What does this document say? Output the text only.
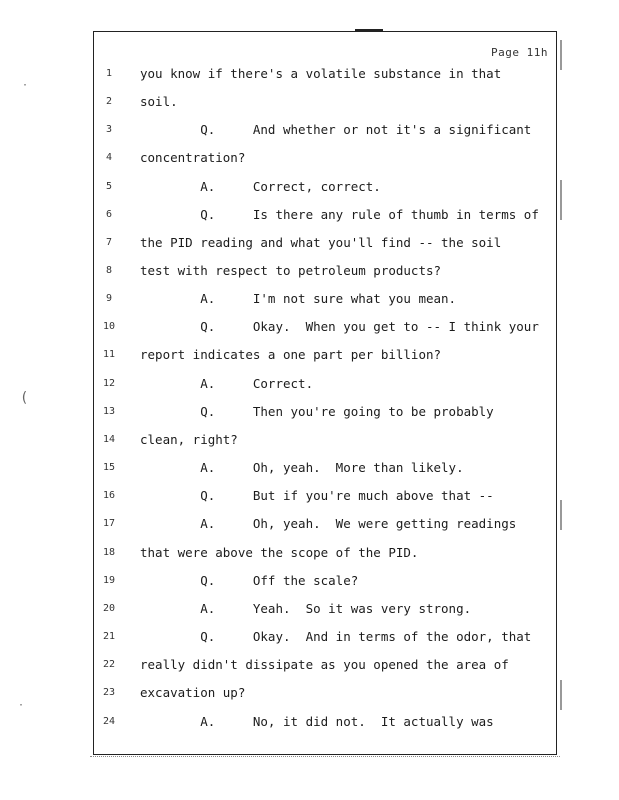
Page 11h
1	you know if there's a volatile substance in that
2	soil.
3	Q.     And whether or not it's a significant
4	concentration?
5	A.     Correct, correct.
6	Q.     Is there any rule of thumb in terms of
7	the PID reading and what you'll find -- the soil
8	test with respect to petroleum products?
9	A.     I'm not sure what you mean.
10 Q.     Okay.  When you get to -- I think your
11 report indicates a one part per billion?
12 A.     Correct.
13 Q.     Then you're going to be probably
14 clean, right?
15 A.     Oh, yeah.  More than likely.
16 Q.     But if you're much above that --
17 A.     Oh, yeah.  We were getting readings
18 that were above the scope of the PID.
19 Q.     Off the scale?
20 A.     Yeah.  So it was very strong.
21 Q.     Okay.  And in terms of the odor, that
22 really didn't dissipate as you opened the area of
23 excavation up?
24 A.     No, it did not.  It actually was
·
(
·
